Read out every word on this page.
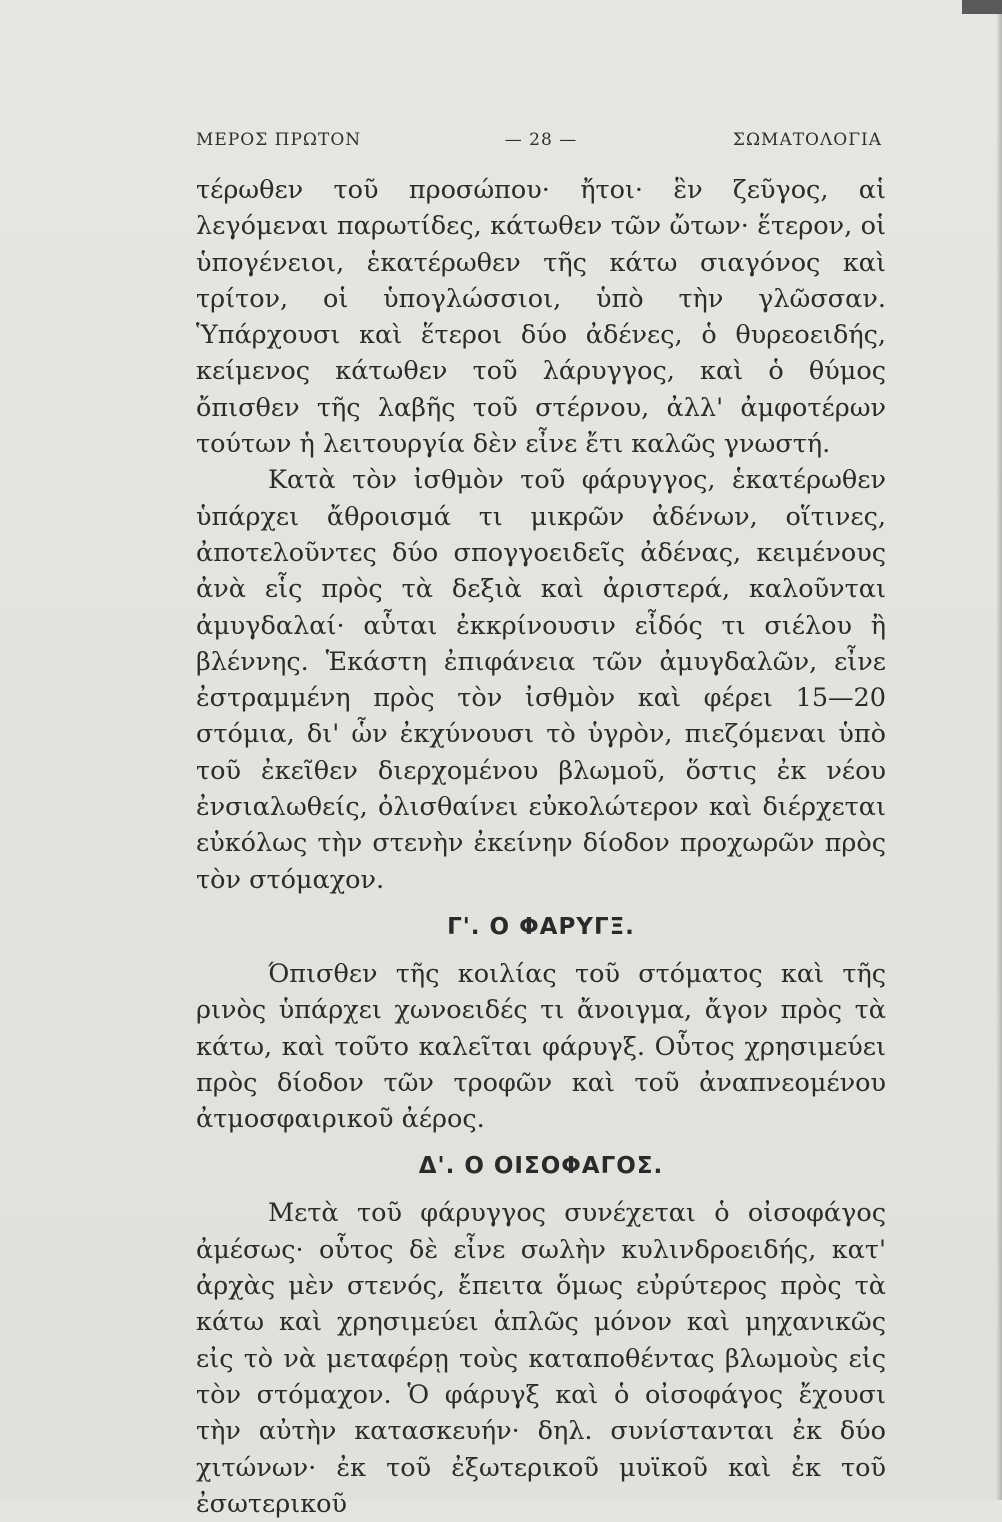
ΜΕΡΟΣ ΠΡΩΤΟΝ	— 28 —	ΣΩΜΑΤΟΛΟΓΙΑ

τέρωθεν τοῦ προσώπου· ἤτοι· ἓν ζεῦγος, αἱ λεγόμεναι παρωτίδες, κάτωθεν τῶν ὤτων· ἕτερον, οἱ ὑπογένειοι, ἑκατέρωθεν τῆς κάτω σιαγόνος καὶ τρίτον, οἱ ὑπογλώσσιοι, ὑπὸ τὴν γλῶσσαν. Ὑπάρχουσι καὶ ἕτεροι δύο ἀδένες, ὁ θυρεοειδής, κείμενος κάτωθεν τοῦ λάρυγγος, καὶ ὁ θύμος ὄπισθεν τῆς λαβῆς τοῦ στέρνου, ἀλλ' ἀμφοτέρων τούτων ἡ λειτουργία δὲν εἶνε ἔτι καλῶς γνωστή.

Κατὰ τὸν ἰσθμὸν τοῦ φάρυγγος, ἑκατέρωθεν ὑπάρχει ἄθροισμά τι μικρῶν ἀδένων, οἵτινες, ἀποτελοῦντες δύο σπογγοειδεῖς ἀδένας, κειμένους ἀνὰ εἷς πρὸς τὰ δεξιὰ καὶ ἀριστερά, καλοῦνται ἀμυγδαλαί· αὗται ἐκκρίνουσιν εἶδός τι σιέλου ἢ βλέννης. Ἑκάστη ἐπιφάνεια τῶν ἀμυγδαλῶν, εἶνε ἐστραμμένη πρὸς τὸν ἰσθμὸν καὶ φέρει 15—20 στόμια, δι' ὧν ἐκχύνουσι τὸ ὑγρὸν, πιεζόμεναι ὑπὸ τοῦ ἐκεῖθεν διερχομένου βλωμοῦ, ὅστις ἐκ νέου ἐνσιαλωθείς, ὀλισθαίνει εὐκολώτερον καὶ διέρχεται εὐκόλως τὴν στενὴν ἐκείνην δίοδον προχωρῶν πρὸς τὸν στόμαχον.

Γ'. Ο ΦΑΡΥΓΞ.

Όπισθεν τῆς κοιλίας τοῦ στόματος καὶ τῆς ρινὸς ὑπάρχει χωνοειδές τι ἄνοιγμα, ἄγον πρὸς τὰ κάτω, καὶ τοῦτο καλεῖται φάρυγξ. Οὗτος χρησιμεύει πρὸς δίοδον τῶν τροφῶν καὶ τοῦ ἀναπνεομένου ἀτμοσφαιρικοῦ ἀέρος.

Δ'. Ο ΟΙΣΟΦΑΓΟΣ.

Μετὰ τοῦ φάρυγγος συνέχεται ὁ οἰσοφάγος ἀμέσως· οὗτος δὲ εἶνε σωλὴν κυλινδροειδής, κατ' ἀρχὰς μὲν στενός, ἔπειτα ὅμως εὐρύτερος πρὸς τὰ κάτω καὶ χρησιμεύει ἁπλῶς μόνον καὶ μηχανικῶς εἰς τὸ νὰ μεταφέρῃ τοὺς καταποθέντας βλωμοὺς εἰς τὸν στόμαχον. Ὁ φάρυγξ καὶ ὁ οἰσοφάγος ἔχουσι τὴν αὐτὴν κατασκευήν· δηλ. συνίστανται ἐκ δύο χιτώνων· ἐκ τοῦ ἐξωτερικοῦ μυϊκοῦ καὶ ἐκ τοῦ ἐσωτερικοῦ
